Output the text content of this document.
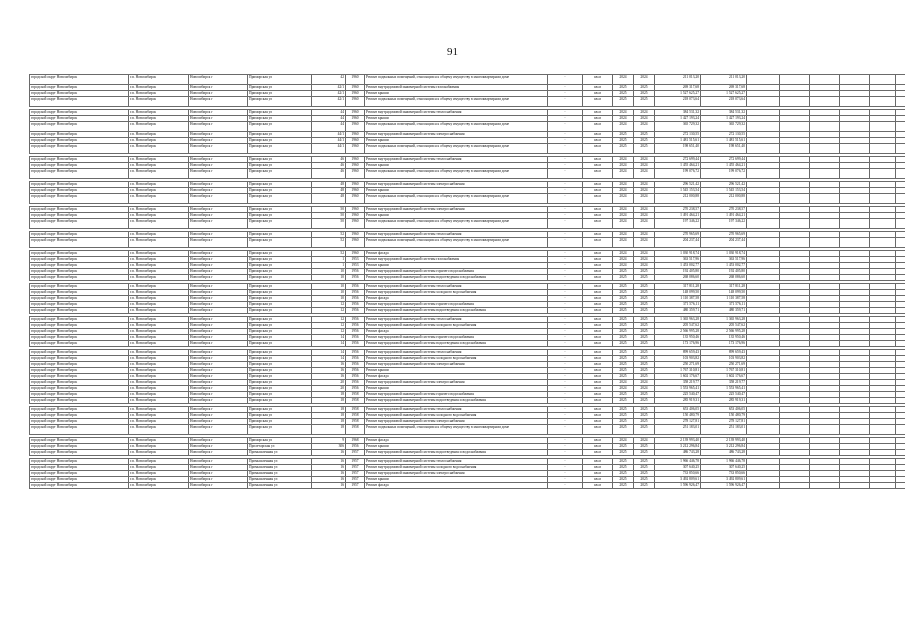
91
городской округ Новосибирск	г.п. Новосибирск	Новосибирск г	Приморская ул	42	1960	Ремонт подвальных помещений, относящихся к общему имуществу в многоквартирном доме	-	кв.м	2024	2024	211 013,20	211 013,20						
городской округ Новосибирск	г.п. Новосибирск	Новосибирск г	Приморская ул	42/1	1960	Ремонт внутридомовой инженерной системы газоснабжения	-	кв.м	2025	2025	269 317,68	269 317,68						
городской округ Новосибирск	г.п. Новосибирск	Новосибирск г	Приморская ул	42/1	1960	Ремонт крыши	-	кв.м	2025	2025	1 527 625,27	1 527 625,27						
городской округ Новосибирск	г.п. Новосибирск	Новосибирск г	Приморская ул	42/1	1960	Ремонт подвальных помещений, относящихся к общему имуществу в многоквартирном доме	-	кв.м	2025	2025	218 073,64	218 073,64						

городской округ Новосибирск	г.п. Новосибирск	Новосибирск г	Приморская ул	44	1960	Ремонт внутридомовой инженерной системы теплоснабжения	-	кв.м	2024	2024	384 531,32	384 531,32						
городской округ Новосибирск	г.п. Новосибирск	Новосибирск г	Приморская ул	44	1960	Ремонт крыши	-	кв.м	2024	2024	1 427 193,24	1 427 193,24						
городской округ Новосибирск	г.п. Новосибирск	Новосибирск г	Приморская ул	44	1960	Ремонт подвальных помещений, относящихся к общему имуществу в многоквартирном доме	-	кв.м	2024	2024	365 729,32	365 729,32						
городской округ Новосибирск	г.п. Новосибирск	Новосибирск г	Приморская ул	44/1	1960	Ремонт внутридомовой инженерной системы электроснабжения	-	кв.м	2025	2025	272 130,55	272 130,55						
городской округ Новосибирск	г.п. Новосибирск	Новосибирск г	Приморская ул	44/1	1960	Ремонт крыши	-	кв.м	2025	2025	1 481 515,61	1 481 515,61						
городской округ Новосибирск	г.п. Новосибирск	Новосибирск г	Приморская ул	44/1	1960	Ремонт подвальных помещений, относящихся к общему имуществу в многоквартирном доме	-	кв.м	2025	2025	198 651,40	198 651,40						

городской округ Новосибирск	г.п. Новосибирск	Новосибирск г	Приморская ул	46	1960	Ремонт внутридомовой инженерной системы теплоснабжения	-	кв.м	2024	2024	272 699,44	272 699,44						
городской округ Новосибирск	г.п. Новосибирск	Новосибирск г	Приморская ул	46	1960	Ремонт крыши	-	кв.м	2024	2024	1 455 464,21	1 455 464,21						
городской округ Новосибирск	г.п. Новосибирск	Новосибирск г	Приморская ул	46	1960	Ремонт подвальных помещений, относящихся к общему имуществу в многоквартирном доме	-	кв.м	2024	2024	199 076,72	199 076,72						

городской округ Новосибирск	г.п. Новосибирск	Новосибирск г	Приморская ул	48	1960	Ремонт внутридомовой инженерной системы электроснабжения	-	кв.м	2024	2024	296 521,42	296 521,42						
городской округ Новосибирск	г.п. Новосибирск	Новосибирск г	Приморская ул	48	1960	Ремонт крыши	-	кв.м	2024	2024	1 545 153,54	1 545 153,54						
городской округ Новосибирск	г.п. Новосибирск	Новосибирск г	Приморская ул	48	1960	Ремонт подвальных помещений, относящихся к общему имуществу в многоквартирном доме	-	кв.м	2024	2024	212 000,88	212 000,88						

городской округ Новосибирск	г.п. Новосибирск	Новосибирск г	Приморская ул	50	1960	Ремонт внутридомовой инженерной системы электроснабжения	-	кв.м	2024	2024	270 238,57	270 238,57						
городской округ Новосибирск	г.п. Новосибирск	Новосибирск г	Приморская ул	50	1960	Ремонт крыши	-	кв.м	2024	2024	1 491 464,21	1 491 464,21						
городской округ Новосибирск	г.п. Новосибирск	Новосибирск г	Приморская ул	50	1960	Ремонт подвальных помещений, относящихся к общему имуществу в многоквартирном доме	-	кв.м	2024	2024	197 346,22	197 346,22						

городской округ Новосибирск	г.п. Новосибирск	Новосибирск г	Приморская ул	52	1960	Ремонт внутридомовой инженерной системы теплоснабжения	-	кв.м	2024	2024	270 965,69	270 965,69						
городской округ Новосибирск	г.п. Новосибирск	Новосибирск г	Приморская ул	52	1960	Ремонт подвальных помещений, относящихся к общему имуществу в многоквартирном доме	-	кв.м	2024	2024	204 237,44	204 237,44						

городской округ Новосибирск	г.п. Новосибирск	Новосибирск г	Приморская ул	52	1960	Ремонт фасада	-	кв.м	2024	2024	1 030 918,74	1 030 918,74						
городской округ Новосибирск	г.п. Новосибирск	Новосибирск г	Приморская ул	1	1953	Ремонт внутридомовой инженерной системы газоснабжения	-	кв.м	2024	2024	363 517,96	363 517,96						
городской округ Новосибирск	г.п. Новосибирск	Новосибирск г	Приморская ул	1	1953	Ремонт крыши	-	кв.м	2024	2024	1 453 002,77	1 453 002,77						
городской округ Новосибирск	г.п. Новосибирск	Новосибирск г	Приморская ул	10	1956	Ремонт внутридомовой инженерной системы горячего водоснабжения	-	кв.м	2025	2025	192 405,80	192 405,80						
городской округ Новосибирск	г.п. Новосибирск	Новосибирск г	Приморская ул	10	1956	Ремонт внутридомовой инженерной системы водоотведения и водоснабжения	-	кв.м	2025	2025	268 086,60	268 086,60						

городской округ Новосибирск	г.п. Новосибирск	Новосибирск г	Приморская ул	10	1956	Ремонт внутридомовой инженерной системы теплоснабжения	-	кв.м	2025	2025	317 811,28	317 811,28						
городской округ Новосибирск	г.п. Новосибирск	Новосибирск г	Приморская ул	10	1956	Ремонт внутридомовой инженерной системы холодного водоснабжения	-	кв.м	2025	2025	148 099,50	148 099,50						
городской округ Новосибирск	г.п. Новосибирск	Новосибирск г	Приморская ул	10	1956	Ремонт фасада	-	кв.м	2025	2025	1 110 387,58	1 110 387,58						
городской округ Новосибирск	г.п. Новосибирск	Новосибирск г	Приморская ул	12	1956	Ремонт внутридомовой инженерной системы горячего водоснабжения	-	кв.м	2025	2025	371 576,11	371 576,11						
городской округ Новосибирск	г.п. Новосибирск	Новосибирск г	Приморская ул	12	1956	Ремонт внутридомовой инженерной системы водоотведения и водоснабжения	-	кв.м	2025	2025	480 359,71	480 359,71						

городской округ Новосибирск	г.п. Новосибирск	Новосибирск г	Приморская ул	12	1956	Ремонт внутридомовой инженерной системы теплоснабжения	-	кв.м	2025	2025	1 365 963,28	1 365 963,28						
городской округ Новосибирск	г.п. Новосибирск	Новосибирск г	Приморская ул	12	1956	Ремонт внутридомовой инженерной системы холодного водоснабжения	-	кв.м	2025	2025	205 547,62	205 547,62						
городской округ Новосибирск	г.п. Новосибирск	Новосибирск г	Приморская ул	12	1956	Ремонт фасада	-	кв.м	2025	2025	2 566 995,28	2 566 995,28						
городской округ Новосибирск	г.п. Новосибирск	Новосибирск г	Приморская ул	14	1956	Ремонт внутридомовой инженерной системы горячего водоснабжения	-	кв.м	2025	2025	135 950,46	135 950,46						
городской округ Новосибирск	г.п. Новосибирск	Новосибирск г	Приморская ул	14	1956	Ремонт внутридомовой инженерной системы водоотведения и водоснабжения	-	кв.м	2025	2025	173 176,96	173 176,96						

городской округ Новосибирск	г.п. Новосибирск	Новосибирск г	Приморская ул	14	1956	Ремонт внутридомовой инженерной системы теплоснабжения	-	кв.м	2025	2025	899 659,43	899 659,43						
городской округ Новосибирск	г.п. Новосибирск	Новосибирск г	Приморская ул	14	1956	Ремонт внутридомовой инженерной системы холодного водоснабжения	-	кв.м	2025	2025	103 903,82	103 903,82						
городской округ Новосибирск	г.п. Новосибирск	Новосибирск г	Приморская ул	16	1956	Ремонт внутридомовой инженерной системы электроснабжения	-	кв.м	2025	2025	250 271,69	250 271,69						
городской округ Новосибирск	г.п. Новосибирск	Новосибирск г	Приморская ул	16	1956	Ремонт крыши	-	кв.м	2025	2025	1 767 310,81	1 767 310,81						
городской округ Новосибирск	г.п. Новосибирск	Новосибирск г	Приморская ул	16	1956	Ремонт фасада	-	кв.м	2025	2025	1 602 176,67	1 602 176,67						
городской округ Новосибирск	г.п. Новосибирск	Новосибирск г	Приморская ул	20	1956	Ремонт внутридомовой инженерной системы электроснабжения	-	кв.м	2024	2024	358 219,77	358 219,77						
городской округ Новосибирск	г.п. Новосибирск	Новосибирск г	Приморская ул	20	1956	Ремонт крыши	-	кв.м	2024	2024	1 553 965,41	1 553 965,41						
городской округ Новосибирск	г.п. Новосибирск	Новосибирск г	Приморская ул	18	1958	Ремонт внутридомовой инженерной системы горячего водоснабжения	-	кв.м	2025	2025	225 540,47	225 540,47						
городской округ Новосибирск	г.п. Новосибирск	Новосибирск г	Приморская ул	18	1958	Ремонт внутридомовой инженерной системы водоотведения и водоснабжения	-	кв.м	2025	2025	285 919,31	285 919,31						

городской округ Новосибирск	г.п. Новосибирск	Новосибирск г	Приморская ул	18	1958	Ремонт внутридомовой инженерной системы теплоснабжения	-	кв.м	2025	2025	653 406,05	653 406,05						
городской округ Новосибирск	г.п. Новосибирск	Новосибирск г	Приморская ул	18	1958	Ремонт внутридомовой инженерной системы холодного водоснабжения	-	кв.м	2025	2025	150 480,79	150 480,79						
городской округ Новосибирск	г.п. Новосибирск	Новосибирск г	Приморская ул	18	1958	Ремонт внутридомовой инженерной системы электроснабжения	-	кв.м	2025	2025	278 127,81	278 127,81						
городской округ Новосибирск	г.п. Новосибирск	Новосибирск г	Приморская ул	18	1958	Ремонт подвальных помещений, относящихся к общему имуществу в многоквартирном доме	-	кв.м	2025	2025	251 183,01	251 183,01						

городской округ Новосибирск	г.п. Новосибирск	Новосибирск г	Приморская ул	9	1968	Ремонт фасада	-	кв.м	2024	2024	2 139 993,40	2 139 993,40						
городской округ Новосибирск	г.п. Новосибирск	Новосибирск г	Пролетарская ул	306	1956	Ремонт крыши	-	кв.м	2025	2025	3 212 296,84	3 212 296,84						
городской округ Новосибирск	г.п. Новосибирск	Новосибирск г	Промышленная ул	16	1957	Ремонт внутридомовой инженерной системы водоотведения и водоснабжения	-	кв.м	2025	2025	486 743,28	486 743,28						

городской округ Новосибирск	г.п. Новосибирск	Новосибирск г	Промышленная ул	16	1957	Ремонт внутридомовой инженерной системы теплоснабжения	-	кв.м	2025	2025	1 966 446,78	1 966 446,78						
городской округ Новосибирск	г.п. Новосибирск	Новосибирск г	Промышленная ул	16	1957	Ремонт внутридомовой инженерной системы холодного водоснабжения	-	кв.м	2025	2025	307 640,25	307 640,25						
городской округ Новосибирск	г.п. Новосибирск	Новосибирск г	Промышленная ул	16	1957	Ремонт внутридомовой инженерной системы электроснабжения	-	кв.м	2025	2025	733 850,66	733 850,66						
городской округ Новосибирск	г.п. Новосибирск	Новосибирск г	Промышленная ул	16	1957	Ремонт крыши	-	кв.м	2025	2025	3 492 809,61	3 492 809,61						
городской округ Новосибирск	г.п. Новосибирск	Новосибирск г	Промышленная ул	16	1957	Ремонт фасада	-	кв.м	2025	2025	1 596 926,47	1 596 926,47						
